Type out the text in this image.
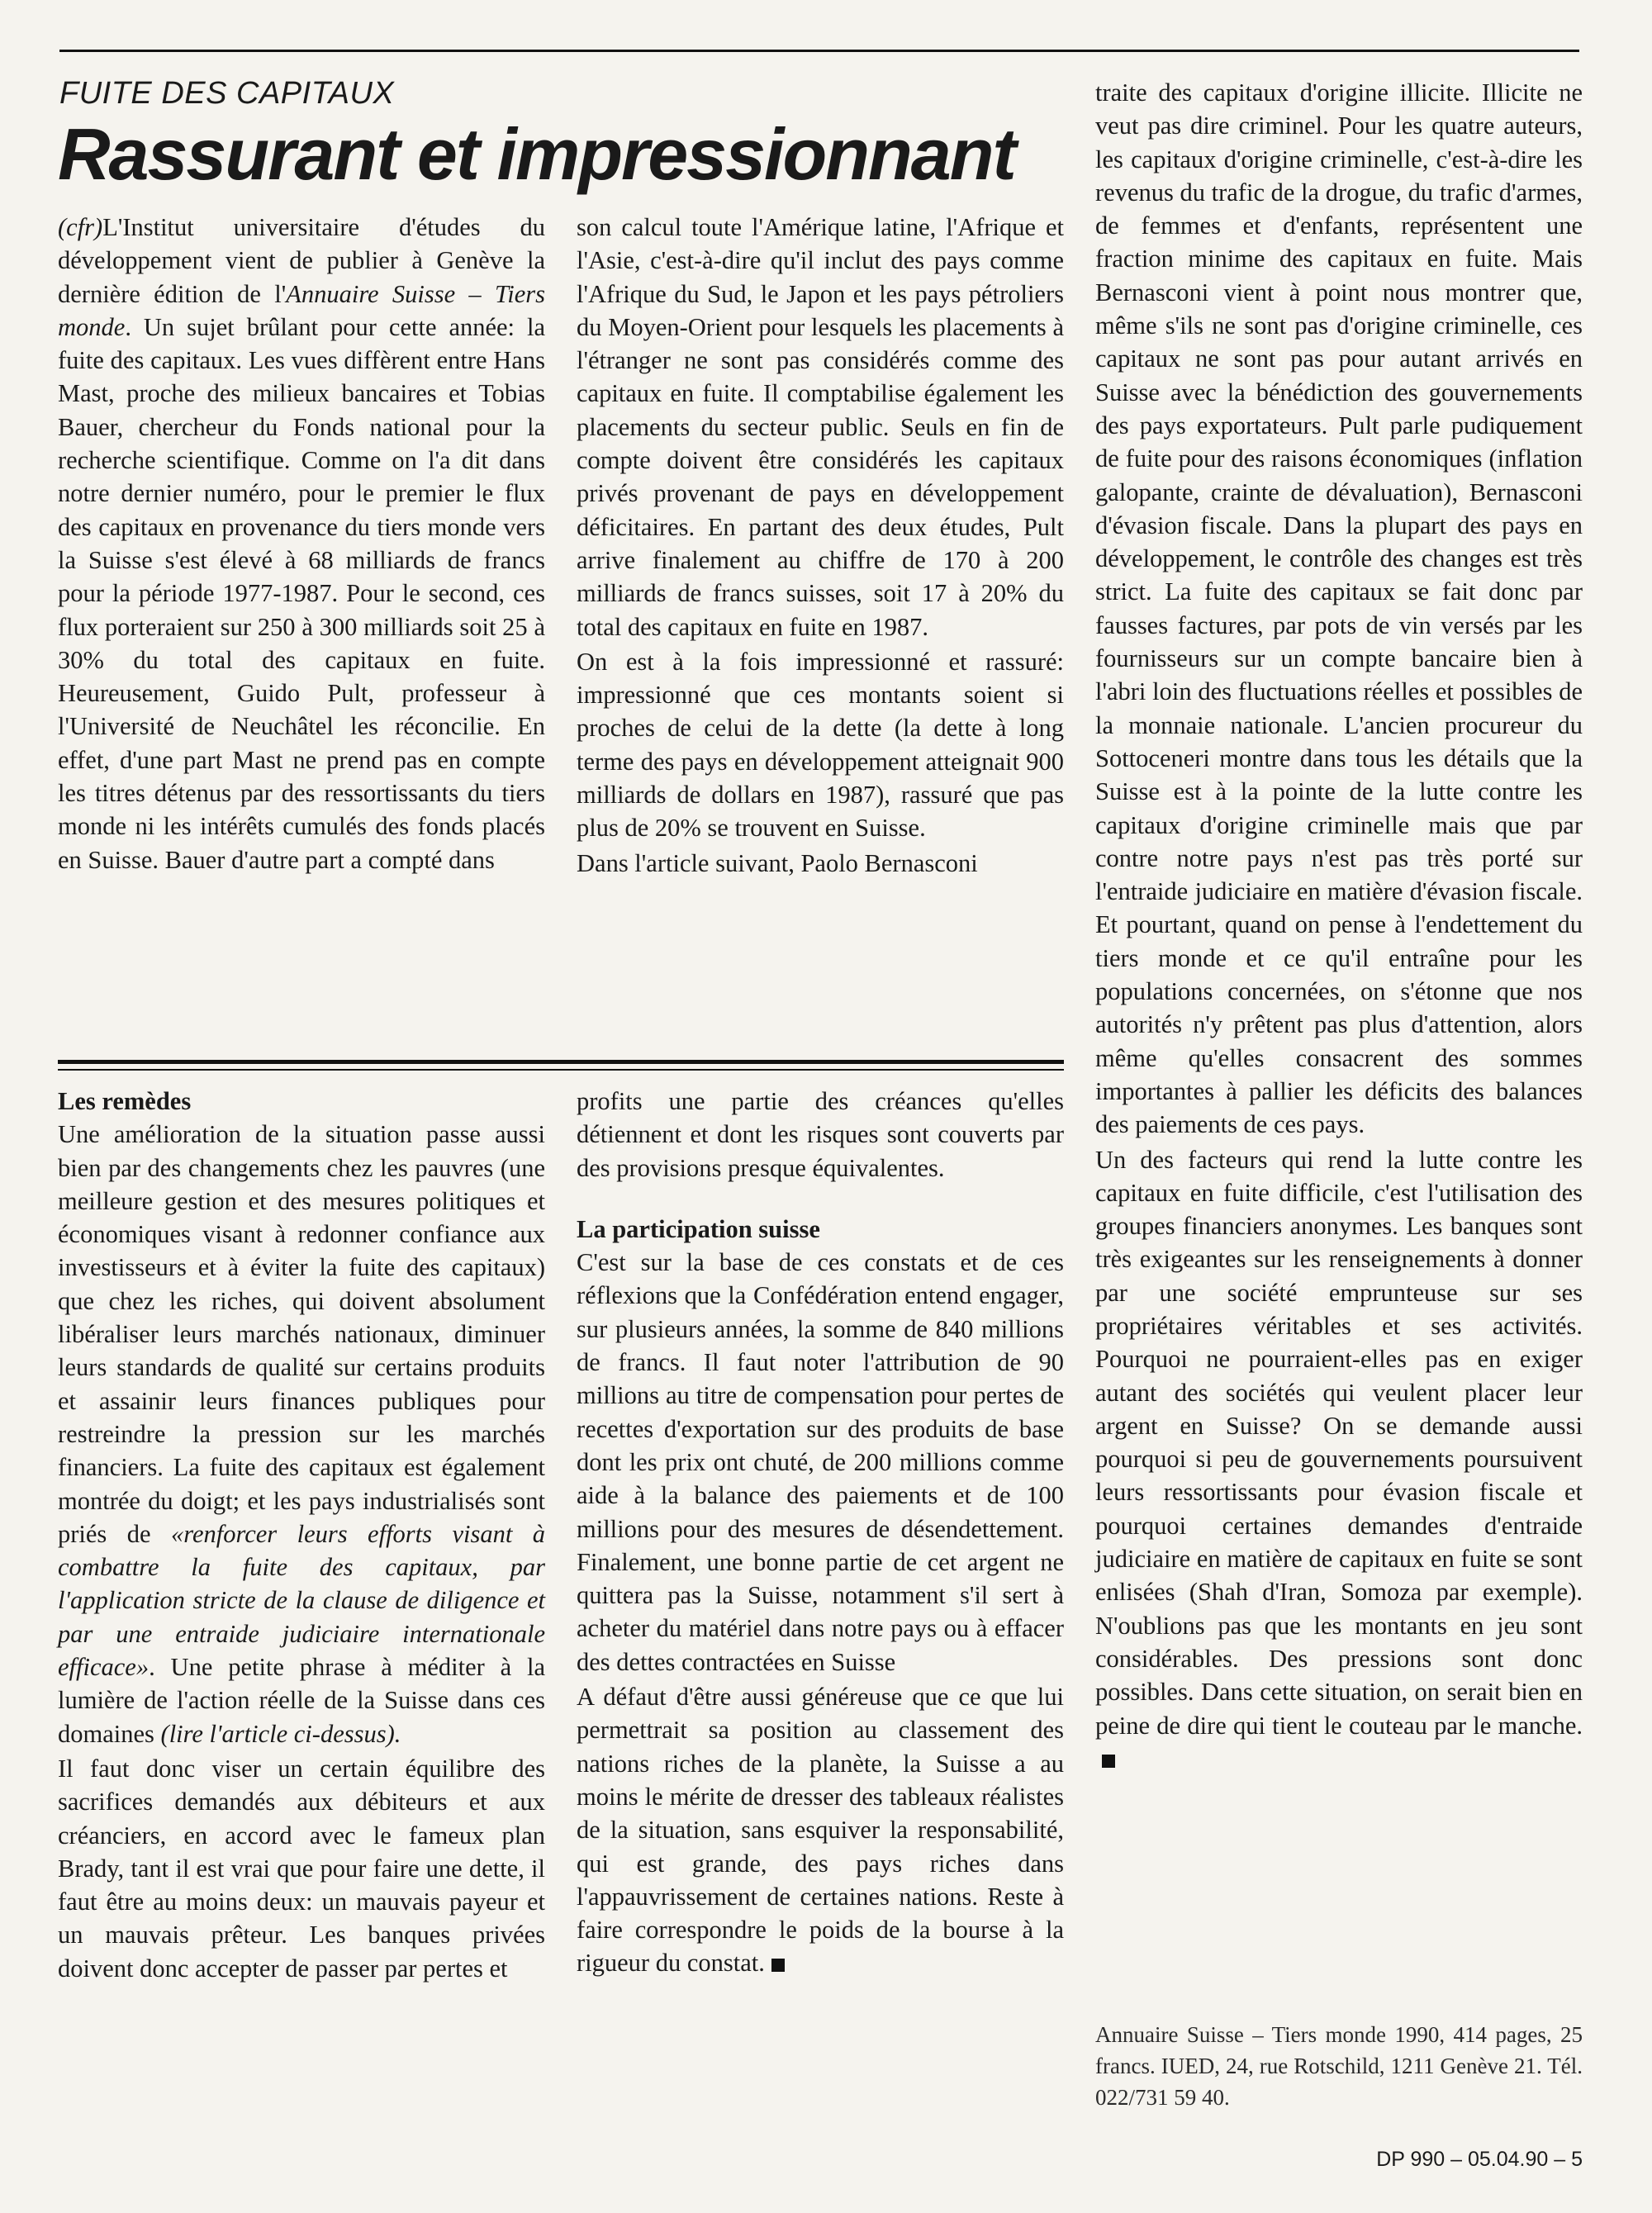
FUITE DES CAPITAUX
Rassurant et impressionnant

(cfr)L'Institut universitaire d'études du développement vient de publier à Genève la dernière édition de l'Annuaire Suisse – Tiers monde. Un sujet brûlant pour cette année: la fuite des capitaux. Les vues diffèrent entre Hans Mast, proche des milieux bancaires et Tobias Bauer, chercheur du Fonds national pour la recherche scientifique. Comme on l'a dit dans notre dernier numéro, pour le premier le flux des capitaux en provenance du tiers monde vers la Suisse s'est élevé à 68 milliards de francs pour la période 1977-1987. Pour le second, ces flux porteraient sur 250 à 300 milliards soit 25 à 30% du total des capitaux en fuite. Heureusement, Guido Pult, professeur à l'Université de Neuchâtel les réconcilie. En effet, d'une part Mast ne prend pas en compte les titres détenus par des ressortissants du tiers monde ni les intérêts cumulés des fonds placés en Suisse. Bauer d'autre part a compté dans

son calcul toute l'Amérique latine, l'Afrique et l'Asie, c'est-à-dire qu'il inclut des pays comme l'Afrique du Sud, le Japon et les pays pétroliers du Moyen-Orient pour lesquels les placements à l'étranger ne sont pas considérés comme des capitaux en fuite. Il comptabilise également les placements du secteur public. Seuls en fin de compte doivent être considérés les capitaux privés provenant de pays en développement déficitaires. En partant des deux études, Pult arrive finalement au chiffre de 170 à 200 milliards de francs suisses, soit 17 à 20% du total des capitaux en fuite en 1987.

On est à la fois impressionné et rassuré: impressionné que ces montants soient si proches de celui de la dette (la dette à long terme des pays en développement atteignait 900 milliards de dollars en 1987), rassuré que pas plus de 20% se trouvent en Suisse.

Dans l'article suivant, Paolo Bernasconi

traite des capitaux d'origine illicite. Illicite ne veut pas dire criminel. Pour les quatre auteurs, les capitaux d'origine criminelle, c'est-à-dire les revenus du trafic de la drogue, du trafic d'armes, de femmes et d'enfants, représentent une fraction minime des capitaux en fuite. Mais Bernasconi vient à point nous montrer que, même s'ils ne sont pas d'origine criminelle, ces capitaux ne sont pas pour autant arrivés en Suisse avec la bénédiction des gouvernements des pays exportateurs. Pult parle pudiquement de fuite pour des raisons économiques (inflation galopante, crainte de dévaluation), Bernasconi d'évasion fiscale. Dans la plupart des pays en développement, le contrôle des changes est très strict. La fuite des capitaux se fait donc par fausses factures, par pots de vin versés par les fournisseurs sur un compte bancaire bien à l'abri loin des fluctuations réelles et possibles de la monnaie nationale. L'ancien procureur du Sottoceneri montre dans tous les détails que la Suisse est à la pointe de la lutte contre les capitaux d'origine criminelle mais que par contre notre pays n'est pas très porté sur l'entraide judiciaire en matière d'évasion fiscale. Et pourtant, quand on pense à l'endettement du tiers monde et ce qu'il entraîne pour les populations concernées, on s'étonne que nos autorités n'y prêtent pas plus d'attention, alors même qu'elles consacrent des sommes importantes à pallier les déficits des balances des paiements de ces pays.

Un des facteurs qui rend la lutte contre les capitaux en fuite difficile, c'est l'utilisation des groupes financiers anonymes. Les banques sont très exigeantes sur les renseignements à donner par une société emprunteuse sur ses propriétaires véritables et ses activités. Pourquoi ne pourraient-elles pas en exiger autant des sociétés qui veulent placer leur argent en Suisse? On se demande aussi pourquoi si peu de gouvernements poursuivent leurs ressortissants pour évasion fiscale et pourquoi certaines demandes d'entraide judiciaire en matière de capitaux en fuite se sont enlisées (Shah d'Iran, Somoza par exemple). N'oublions pas que les montants en jeu sont considérables. Des pressions sont donc possibles. Dans cette situation, on serait bien en peine de dire qui tient le couteau par le manche.

Les remèdes

Une amélioration de la situation passe aussi bien par des changements chez les pauvres (une meilleure gestion et des mesures politiques et économiques visant à redonner confiance aux investisseurs et à éviter la fuite des capitaux) que chez les riches, qui doivent absolument libéraliser leurs marchés nationaux, diminuer leurs standards de qualité sur certains produits et assainir leurs finances publiques pour restreindre la pression sur les marchés financiers. La fuite des capitaux est également montrée du doigt; et les pays industrialisés sont priés de «renforcer leurs efforts visant à combattre la fuite des capitaux, par l'application stricte de la clause de diligence et par une entraide judiciaire internationale efficace». Une petite phrase à méditer à la lumière de l'action réelle de la Suisse dans ces domaines (lire l'article ci-dessus).

Il faut donc viser un certain équilibre des sacrifices demandés aux débiteurs et aux créanciers, en accord avec le fameux plan Brady, tant il est vrai que pour faire une dette, il faut être au moins deux: un mauvais payeur et un mauvais prêteur. Les banques privées doivent donc accepter de passer par pertes et

profits une partie des créances qu'elles détiennent et dont les risques sont couverts par des provisions presque équivalentes.

La participation suisse

C'est sur la base de ces constats et de ces réflexions que la Confédération entend engager, sur plusieurs années, la somme de 840 millions de francs. Il faut noter l'attribution de 90 millions au titre de compensation pour pertes de recettes d'exportation sur des produits de base dont les prix ont chuté, de 200 millions comme aide à la balance des paiements et de 100 millions pour des mesures de désendettement. Finalement, une bonne partie de cet argent ne quittera pas la Suisse, notamment s'il sert à acheter du matériel dans notre pays ou à effacer des dettes contractées en Suisse

A défaut d'être aussi généreuse que ce que lui permettrait sa position au classement des nations riches de la planète, la Suisse a au moins le mérite de dresser des tableaux réalistes de la situation, sans esquiver la responsabilité, qui est grande, des pays riches dans l'appauvrissement de certaines nations. Reste à faire correspondre le poids de la bourse à la rigueur du constat.

Annuaire Suisse – Tiers monde 1990, 414 pages, 25 francs. IUED, 24, rue Rotschild, 1211 Genève 21. Tél. 022/731 59 40.
DP 990 – 05.04.90 – 5
